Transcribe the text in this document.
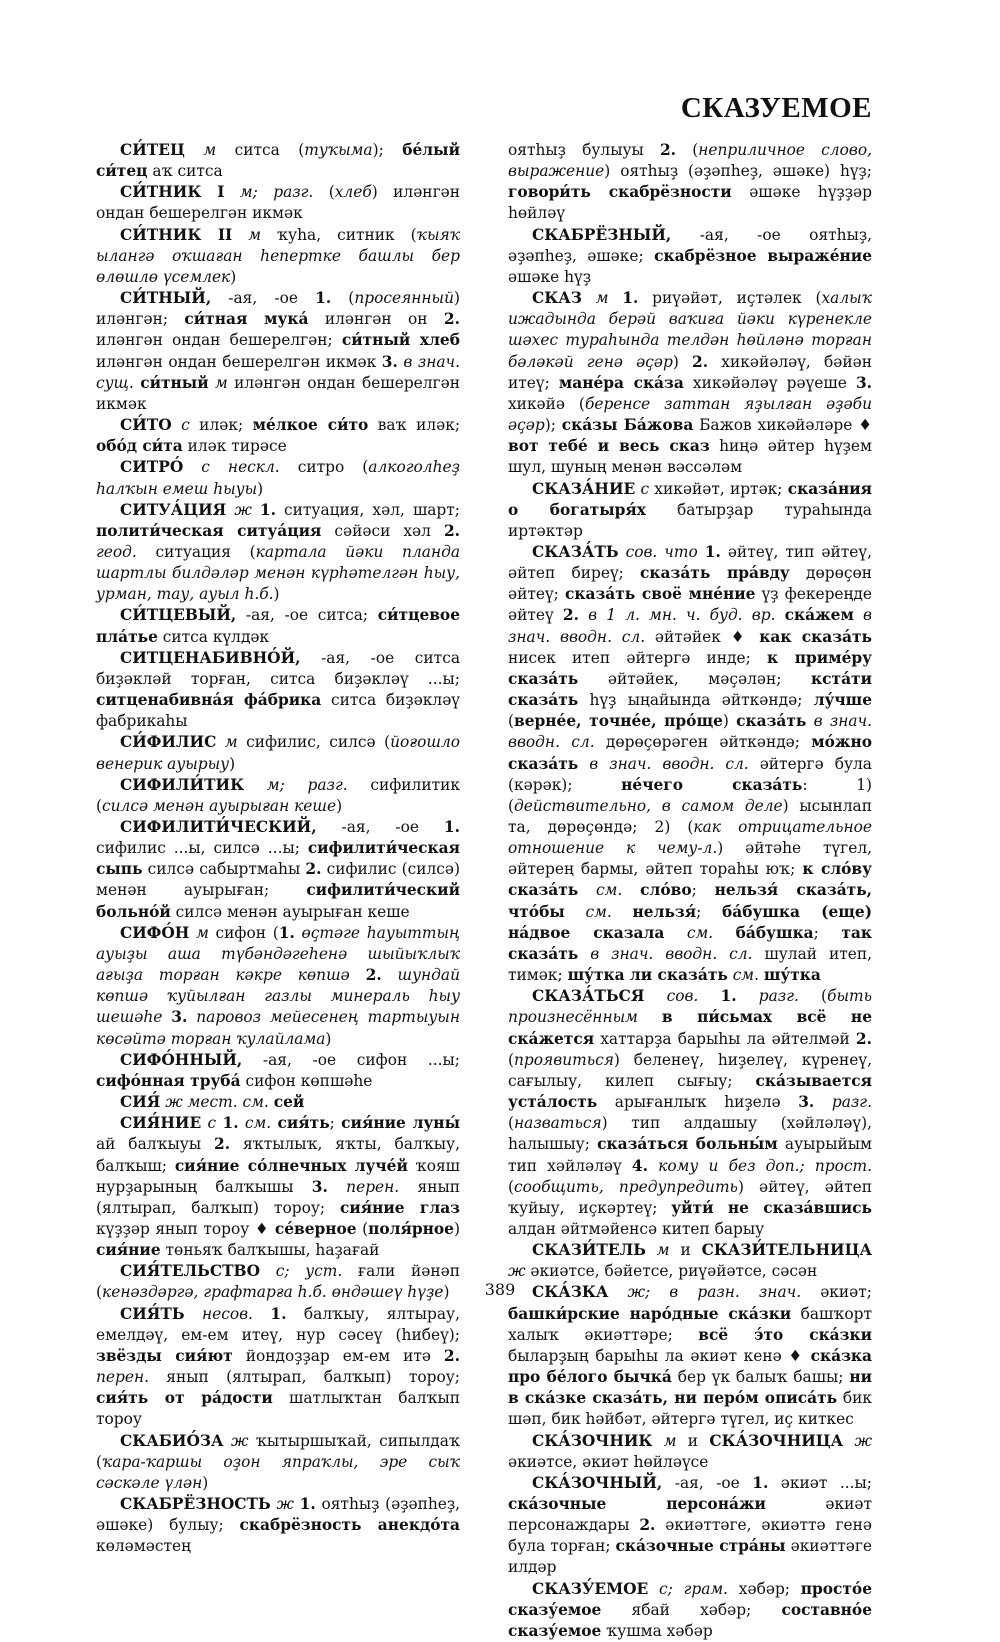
СКАЗУЕМОЕ

СИ́ТЕЦ м ситса (туҡыма); бе́лый си́тец аҡ ситса

СИ́ТНИК I м; разг. (хлеб) иләнгән ондан бешерелгән икмәк

СИ́ТНИК II м ҡуһа, ситник (ҡыяҡ ылангә оҡшаған һепертке башлы бер өлөшлө үсемлек)

СИ́ТНЫЙ, -ая, -ое 1. (просеянный) иләнгән; си́тная мука́ иләнгән он 2. иләнгән ондан бешерелгән; си́тный хлеб иләнгән ондан бешерелгән икмәк 3. в знач. сущ. си́тный м иләнгән ондан бешерелгән икмәк

СИ́ТО с иләк; ме́лкое си́то ваҡ иләк; обо́д си́та иләк тирәсе

СИТРО́ с нескл. ситро (алкоголһеҙ һалҡын емеш һыуы)

СИТУА́ЦИЯ ж 1. ситуация, хәл, шарт; полити́ческая ситуа́ция сәйәси хәл 2. геод. ситуация (картала йәки планда шартлы билдәләр менән күрһәтелгән һыу, урман, тау, ауыл һ.б.)

СИ́ТЦЕВЫЙ, -ая, -ое ситса; си́тцевое пла́тье ситса күлдәк

СИТЦЕНАБИВНО́Й, -ая, -ое ситса биҙәкләй торған, ситса биҙәкләү ...ы; ситценабивна́я фа́брика ситса биҙәкләү фабрикаһы

СИ́ФИЛИС м сифилис, силсә (йоғошло венерик ауырыу)

СИФИЛИ́ТИК м; разг. сифилитик (силсә менән ауырыған кеше)

СИФИЛИТИ́ЧЕСКИЙ, -ая, -ое 1. сифилис ...ы, силсә ...ы; сифилити́ческая сыпь силсә сабыртмаһы 2. сифилис (силсә) менән ауырыған; сифилити́ческий больно́й силсә менән ауырыған кеше

СИФО́Н м сифон (1. өҫтәге һауыттың ауыҙы аша түбәндәгеһенә шыйыҡлыҡ ағыҙа торған кәкре көпшә 2. шундай көпшә ҡуйылған газлы минераль һыу шешәһе 3. паровоз мейесенең тартыуын көсәйтә торған ҡулайлама)

СИФО́ННЫЙ, -ая, -ое сифон ...ы; сифо́нная труба́ сифон көпшәһе

СИЯ́ ж мест. см. сей

СИЯ́НИЕ с 1. см. сия́ть; сия́ние луны́ ай балҡыуы 2. яҡтылыҡ, яҡты, балҡыу, балҡыш; сия́ние со́лнечных луче́й ҡояш нурҙарының балҡышы 3. перен. янып (ялтырап, балҡып) тороу; сия́ние глаз күҙҙәр янып тороу ♦ се́верное (поля́рное) сия́ние төньяҡ балҡышы, һаҙағай

СИЯ́ТЕЛЬСТВО с; уст. ғали йәнәп (кенәздәргә, графтарға һ.б. өндәшеү һүҙе)

СИЯ́ТЬ несов. 1. балҡыу, ялтырау, емелдәү, ем-ем итеү, нур сәсеү (һибеү); звёзды сия́ют йондоҙҙар ем-ем итә 2. перен. янып (ялтырап, балҡып) тороу; сия́ть от ра́дости шатлыҡтан балҡып тороу

СКАБИО́ЗА ж ҡытыршыҡай, сипылдаҡ (ҡара-ҡаршы оҙон япраҡлы, эре сыҡ сәскәле үлән)

СКАБРЁЗНОСТЬ ж 1. оятһыҙ (әҙәпһеҙ, әшәке) булыу; скабрёзность анекдо́та көләмәстең

оятһыҙ булыуы 2. (неприличное слово, выражение) оятһыҙ (әҙәпһеҙ, әшәке) һүҙ; говори́ть скабрёзности әшәке һүҙҙәр һөйләү

СКАБРЁЗНЫЙ, -ая, -ое оятһыҙ, әҙәпһеҙ, әшәке; скабрёзное выраже́ние әшәке һүҙ

СКАЗ м 1. риүәйәт, иҫтәлек (халыҡ ижадында берәй ваҡиға йәки күренекле шәхес тураһында телдән һөйләнә торған бәләкәй генә әҫәр) 2. хикәйәләү, бәйән итеү; мане́ра ска́за хикәйәләү рәүеше 3. хикәйә (беренсе заттан яҙылған әҙәби әҫәр); ска́зы Ба́жова Бажов хикәйәләре ♦ вот тебе́ и весь сказ һиңә әйтер һүҙем шул, шуның менән вәссәләм

СКАЗА́НИЕ с хикәйәт, иртәк; сказа́ния о богатыря́х батырҙар тураһында иртәктәр

СКАЗА́ТЬ сов. что 1. әйтеү, тип әйтеү, әйтеп биреү; сказа́ть пра́вду дөрөҫөн әйтеү; сказа́ть своё мне́ние үҙ фекереңде әйтеү 2. в 1 л. мн. ч. буд. вр. ска́жем в знач. вводн. сл. әйтәйек ♦ как сказа́ть нисек итеп әйтергә инде; к приме́ру сказа́ть әйтәйек, мәҫәлән; кста́ти сказа́ть һүҙ ыңайында әйткәндә; лу́чше (верне́е, точне́е, про́ще) сказа́ть в знач. вводн. сл. дөрөҫөрәген әйткәндә; мо́жно сказа́ть в знач. вводн. сл. әйтергә була (кәрәк); не́чего сказа́ть: 1) (действительно, в самом деле) ысынлап та, дөрөҫөндә; 2) (как отрицательное отношение к чему-л.) әйтәһе түгел, әйтерең бармы, әйтеп тораһы юҡ; к сло́ву сказа́ть см. сло́во; нельзя́ сказа́ть, что́бы см. нельзя́; ба́бушка (еще) на́двое сказала см. ба́бушка; так сказа́ть в знач. вводн. сл. шулай итеп, тимәк; шу́тка ли сказа́ть см. шу́тка

СКАЗА́ТЬСЯ сов. 1. разг. (быть произнесённым в пи́сьмах всё не ска́жется хаттарҙа барыһы ла әйтелмәй 2. (проявиться) беленеү, һиҙелеү, күренеү, сағылыу, килеп сығыу; ска́зывается уста́лость арығанлыҡ һиҙелә 3. разг. (назваться) тип алдашыу (хәйләләү), һалышыу; сказа́ться больны́м ауырыйым тип хәйләләү 4. кому и без доп.; прост. (сообщить, предупредить) әйтеү, әйтеп ҡуйыу, иҫкәртеү; уйти́ не сказа́вшись алдан әйтмәйенсә китеп барыу

СКАЗИ́ТЕЛЬ м и СКАЗИ́ТЕЛЬНИЦА ж әкиәтсе, бәйетсе, риүәйәтсе, сәсән

СКА́ЗКА ж; в разн. знач. әкиәт; башки́рские наро́дные ска́зки башҡорт халыҡ әкиәттәре; всё э́то ска́зки быларҙың барыһы ла әкиәт кенә ♦ ска́зка про бе́лого бычка́ бер үк балыҡ башы; ни в ска́зке сказа́ть, ни перо́м описа́ть бик шәп, бик һәйбәт, әйтергә түгел, иҫ киткес

СКА́ЗОЧНИК м и СКА́ЗОЧНИЦА ж әкиәтсе, әкиәт һөйләүсе

СКА́ЗОЧНЫЙ, -ая, -ое 1. әкиәт ...ы; ска́зочные персона́жи әкиәт персонаждары 2. әкиәттәге, әкиәттә генә була торған; ска́зочные стра́ны әкиәттәге илдәр

СКАЗУ́ЕМОЕ с; грам. хәбәр; просто́е сказу́емое ябай хәбәр; составно́е сказу́емое ҡушма хәбәр

389
